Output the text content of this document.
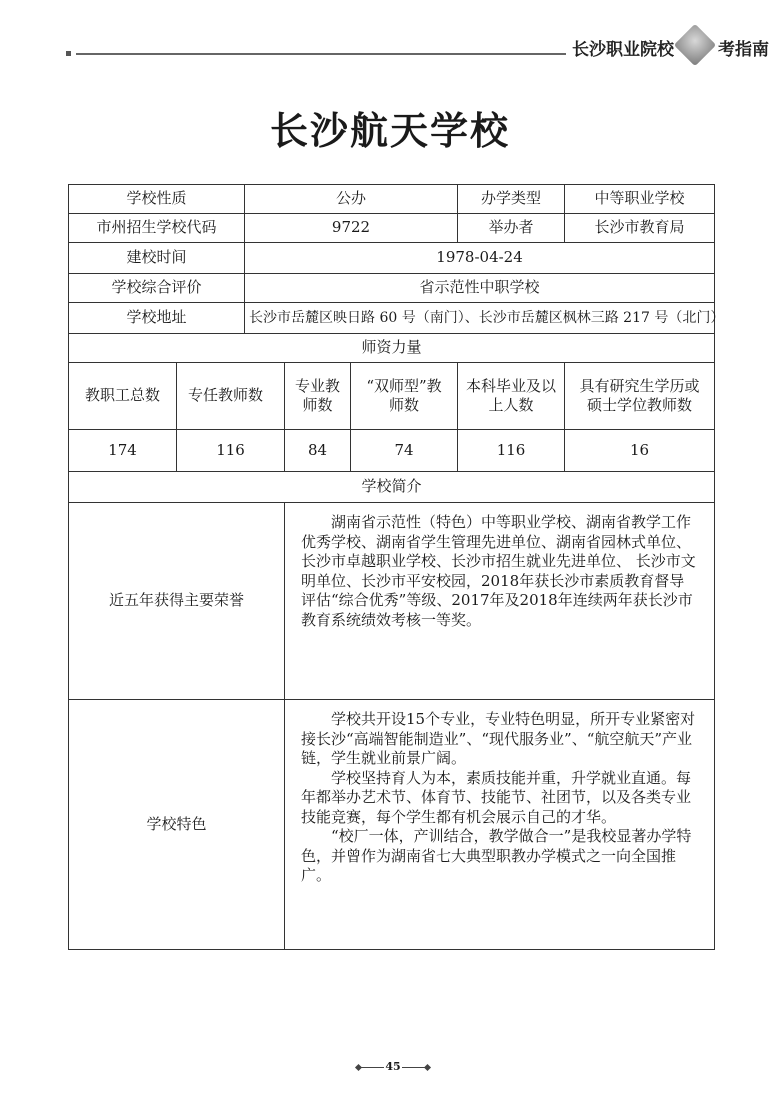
长沙职业院校	考指南
长沙航天学校
学校性质		公办			办学类型	中等职业学校
市州招生学校代码		9722			举办者	长沙市教育局
建校时间		1978-04-24				
学校综合评价		省示范性中职学校				
学校地址		长沙市岳麓区映日路 60 号（南门）、长沙市岳麓区枫林三路 217 号（北门）				
师资力量						
教职工总数	专任教师数		专业教师数	“双师型”教师数	本科毕业及以上人数	具有研究生学历或硕士学位教师数
174	116		84	74	116	16
学校简介						
近五年获得主要荣誉			湖南省示范性（特色）中等职业学校、湖南省教学工作优秀学校、湖南省学生管理先进单位、湖南省园林式单位、长沙市卓越职业学校、长沙市招生就业先进单位、 长沙市文明单位、长沙市平安校园，2018年获长沙市素质教育督导评估“综合优秀”等级、2017年及2018年连续两年获长沙市教育系统绩效考核一等奖。			

学校特色			学校共开设15个专业，专业特色明显，所开专业紧密对接长沙“高端智能制造业”、“现代服务业”、“航空航天”产业链，学生就业前景广阔。

学校坚持育人为本，素质技能并重，升学就业直通。每年都举办艺术节、体育节、技能节、社团节，以及各类专业技能竞赛，每个学生都有机会展示自己的才华。

“校厂一体，产训结合，教学做合一”是我校显著办学特色，并曾作为湖南省七大典型职教办学模式之一向全国推广。			

45
